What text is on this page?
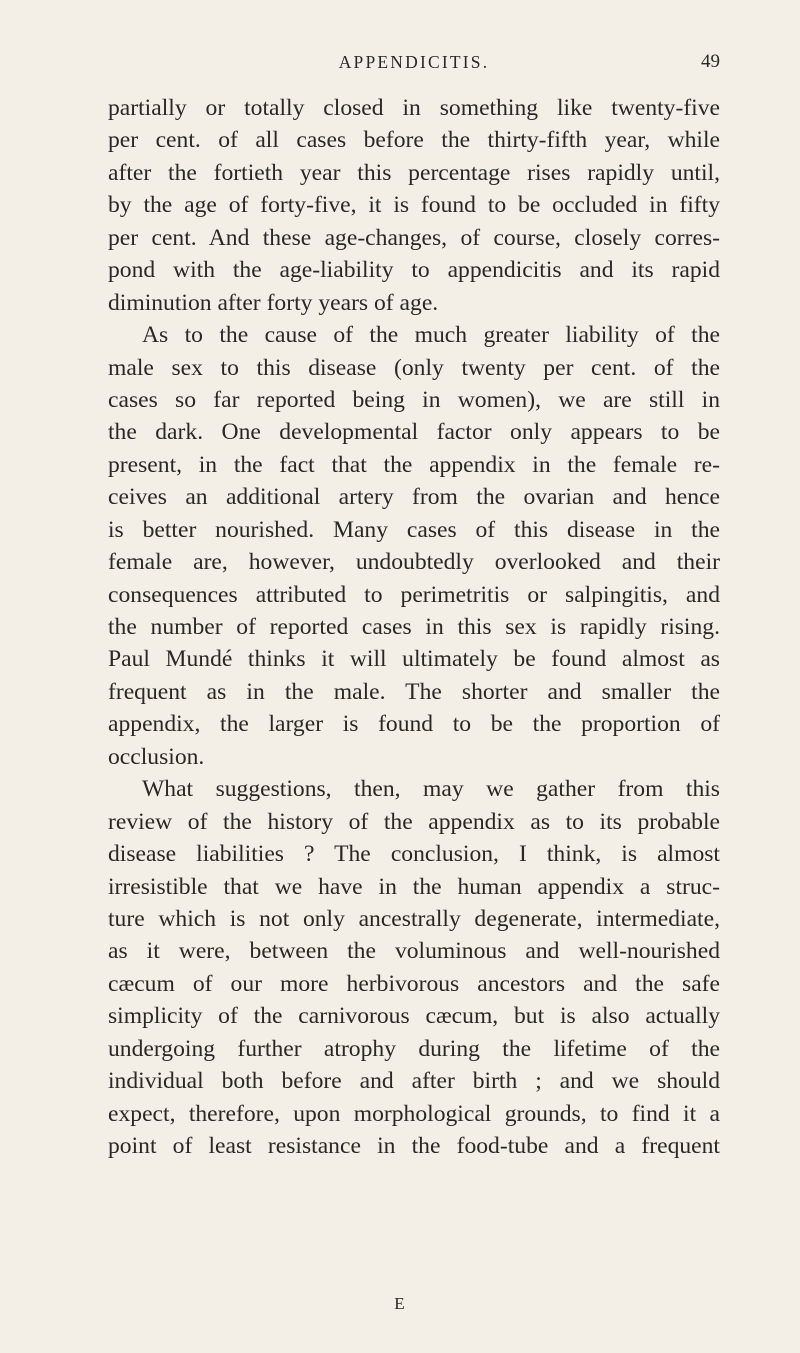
APPENDICITIS.	49
partially or totally closed in something like twenty-five
per cent. of all cases before the thirty-fifth year, while
after the fortieth year this percentage rises rapidly until,
by the age of forty-five, it is found to be occluded in fifty
per cent. And these age-changes, of course, closely corres-
pond with the age-liability to appendicitis and its rapid
diminution after forty years of age.
As to the cause of the much greater liability of the
male sex to this disease (only twenty per cent. of the
cases so far reported being in women), we are still in
the dark. One developmental factor only appears to be
present, in the fact that the appendix in the female re-
ceives an additional artery from the ovarian and hence
is better nourished. Many cases of this disease in the
female are, however, undoubtedly overlooked and their
consequences attributed to perimetritis or salpingitis, and
the number of reported cases in this sex is rapidly rising.
Paul Mundé thinks it will ultimately be found almost as
frequent as in the male. The shorter and smaller the
appendix, the larger is found to be the proportion of
occlusion.
What suggestions, then, may we gather from this
review of the history of the appendix as to its probable
disease liabilities ? The conclusion, I think, is almost
irresistible that we have in the human appendix a struc-
ture which is not only ancestrally degenerate, intermediate,
as it were, between the voluminous and well-nourished
cæcum of our more herbivorous ancestors and the safe
simplicity of the carnivorous cæcum, but is also actually
undergoing further atrophy during the lifetime of the
individual both before and after birth ; and we should
expect, therefore, upon morphological grounds, to find it a
point of least resistance in the food-tube and a frequent
E
